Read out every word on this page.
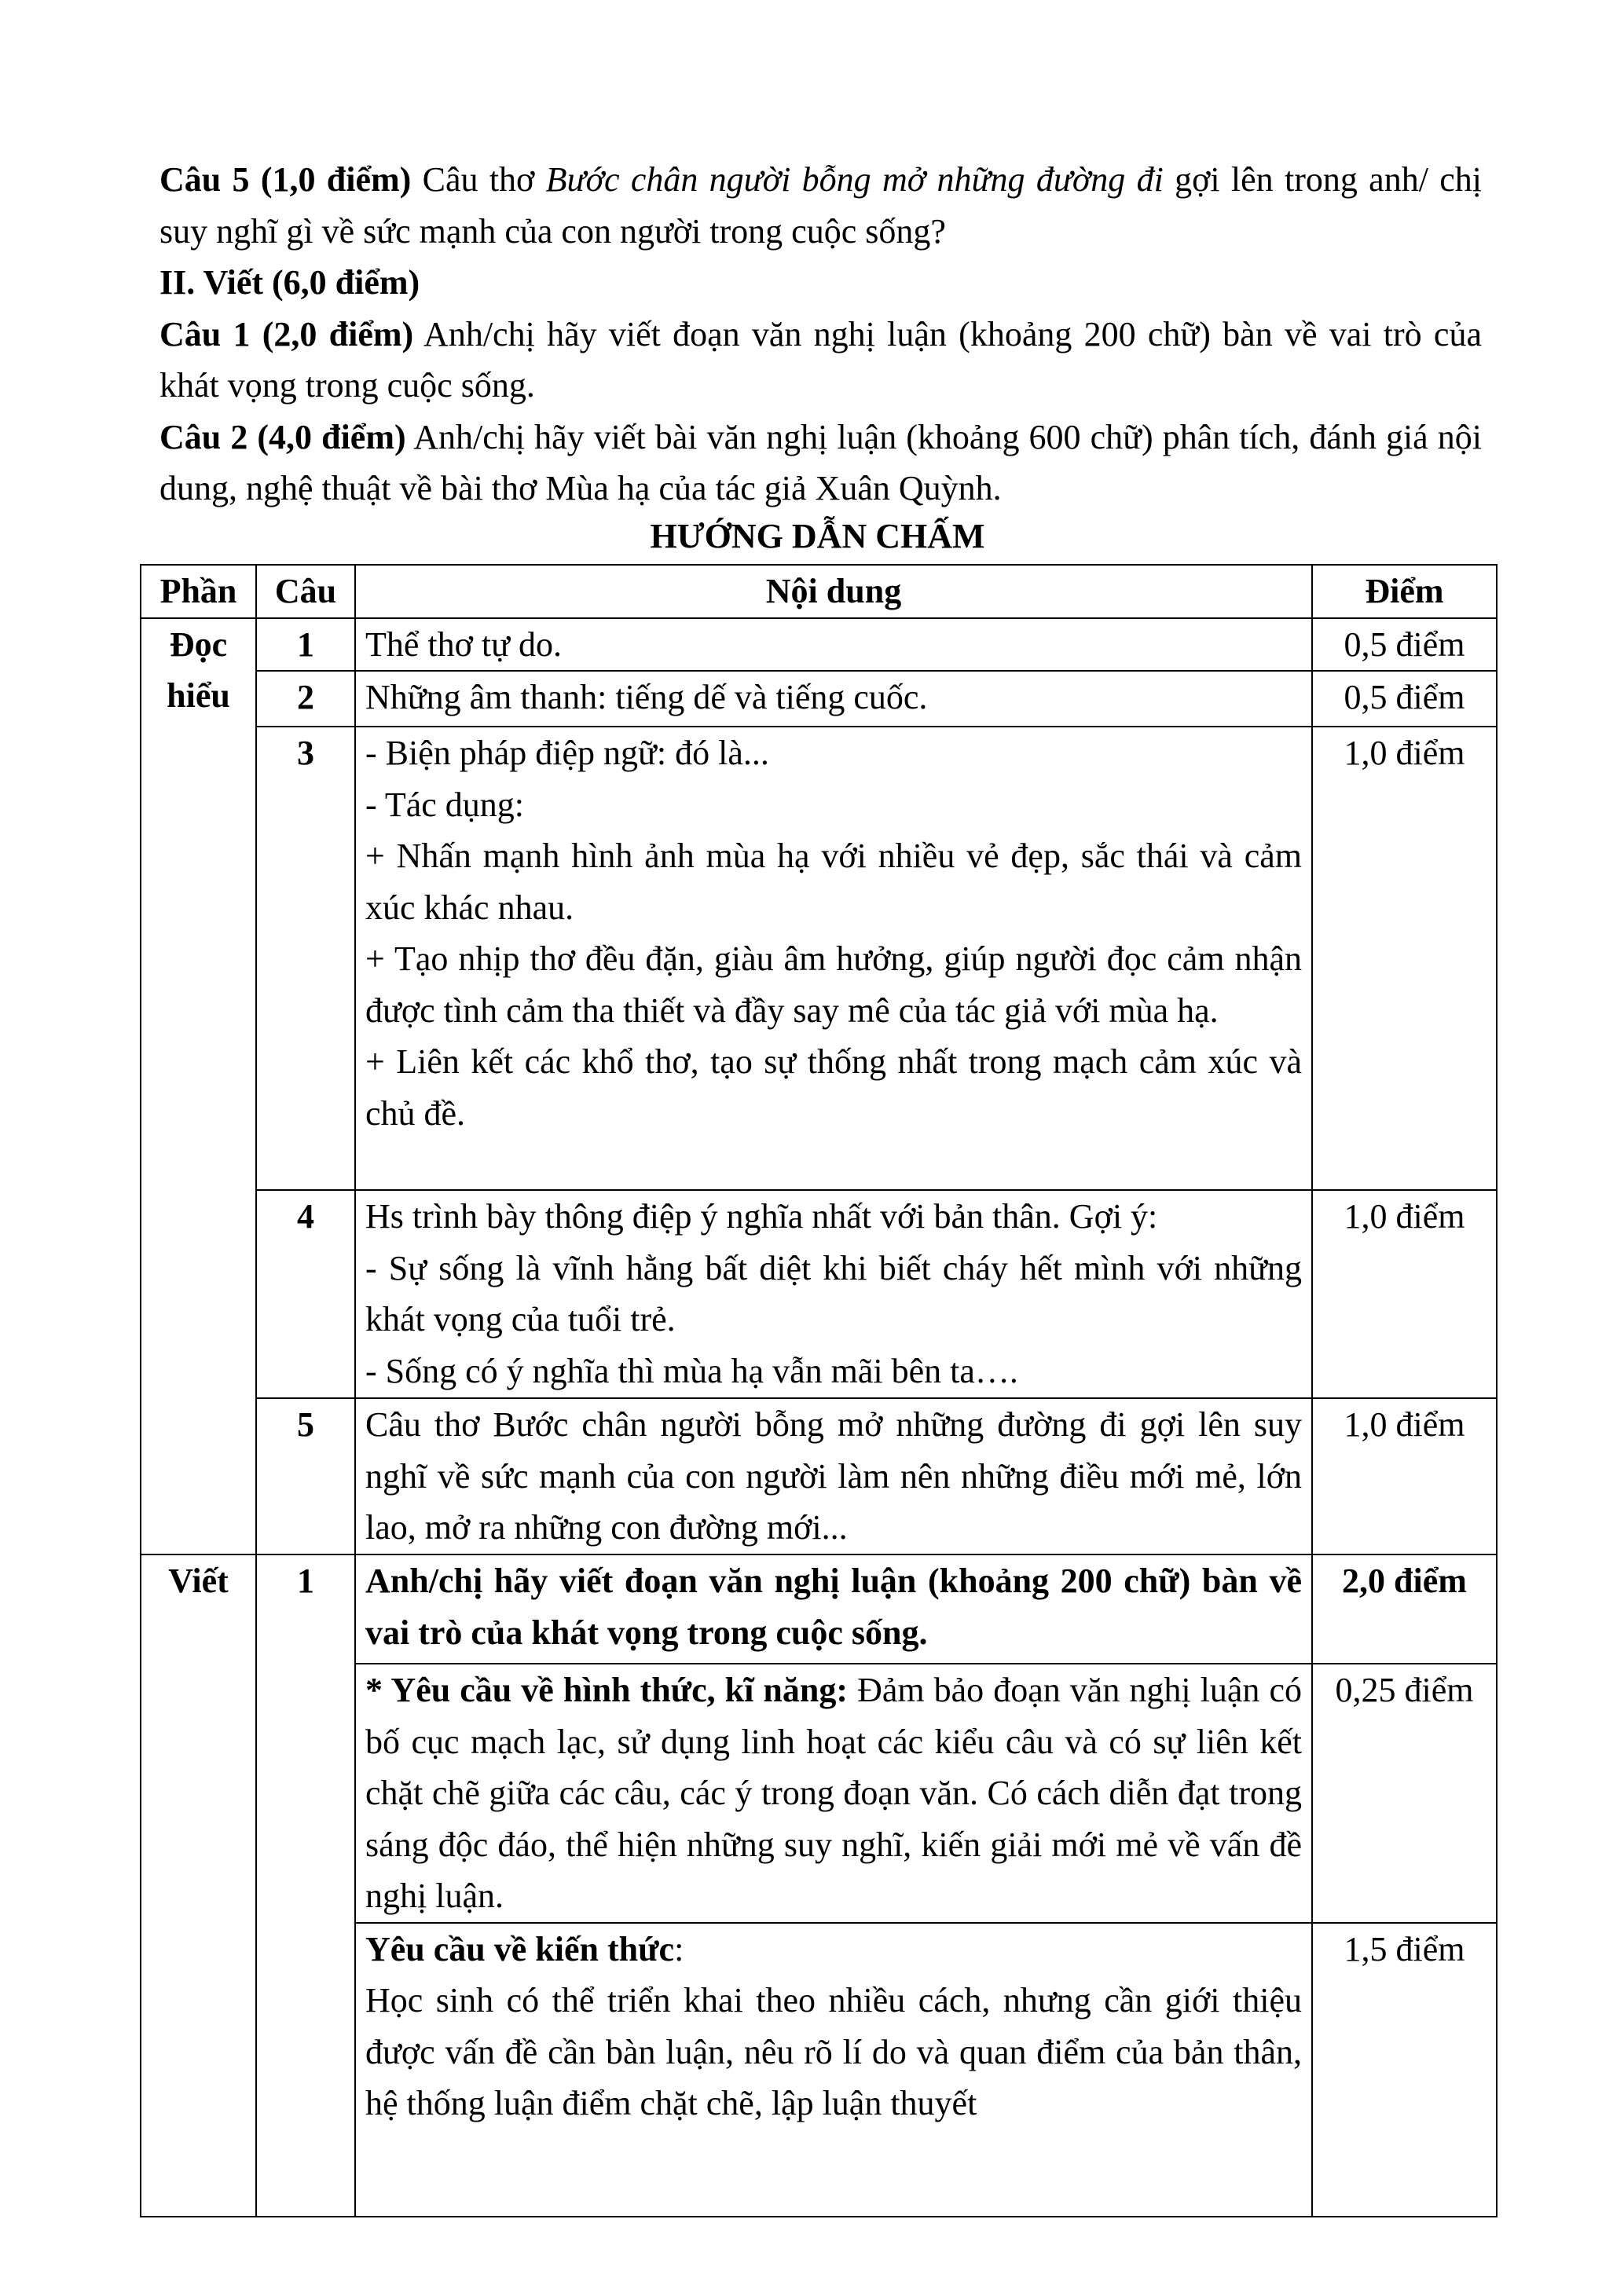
Câu 5 (1,0 điểm) Câu thơ Bước chân người bỗng mở những đường đi gợi lên trong anh/ chị suy nghĩ gì về sức mạnh của con người trong cuộc sống?

II. Viết (6,0 điểm)

Câu 1 (2,0 điểm) Anh/chị hãy viết đoạn văn nghị luận (khoảng 200 chữ) bàn về vai trò của khát vọng trong cuộc sống.

Câu 2 (4,0 điểm) Anh/chị hãy viết bài văn nghị luận (khoảng 600 chữ) phân tích, đánh giá nội dung, nghệ thuật về bài thơ Mùa hạ của tác giả Xuân Quỳnh.

HƯỚNG DẪN CHẤM
Phần	Câu	Nội dung	Điểm
Đọc hiểu	1	Thể thơ tự do.	0,5 điểm
	2	Những âm thanh: tiếng dế và tiếng cuốc.	0,5 điểm
	3	- Biện pháp điệp ngữ: đó là...

- Tác dụng:

+ Nhấn mạnh hình ảnh mùa hạ với nhiều vẻ đẹp, sắc thái và cảm xúc khác nhau.

+ Tạo nhịp thơ đều đặn, giàu âm hưởng, giúp người đọc cảm nhận được tình cảm tha thiết và đầy say mê của tác giả với mùa hạ.

+ Liên kết các khổ thơ, tạo sự thống nhất trong mạch cảm xúc và chủ đề.	1,0 điểm
	4	Hs trình bày thông điệp ý nghĩa nhất với bản thân. Gợi ý:

- Sự sống là vĩnh hằng bất diệt khi biết cháy hết mình với những khát vọng của tuổi trẻ.

- Sống có ý nghĩa thì mùa hạ vẫn mãi bên ta….	1,0 điểm
	5	Câu thơ Bước chân người bỗng mở những đường đi gợi lên suy nghĩ về sức mạnh của con người làm nên những điều mới mẻ, lớn lao, mở ra những con đường mới...	1,0 điểm
Viết	1	Anh/chị hãy viết đoạn văn nghị luận (khoảng 200 chữ) bàn về vai trò của khát vọng trong cuộc sống.	2,0 điểm

		* Yêu cầu về hình thức, kĩ năng: Đảm bảo đoạn văn nghị luận có bố cục mạch lạc, sử dụng linh hoạt các kiểu câu và có sự liên kết chặt chẽ giữa các câu, các ý trong đoạn văn. Có cách diễn đạt trong sáng độc đáo, thể hiện những suy nghĩ, kiến giải mới mẻ về vấn đề nghị luận.	0,25 điểm

		Yêu cầu về kiến thức:

Học sinh có thể triển khai theo nhiều cách, nhưng cần giới thiệu được vấn đề cần bàn luận, nêu rõ lí do và quan điểm của bản thân, hệ thống luận điểm chặt chẽ, lập luận thuyết	1,5 điểm
